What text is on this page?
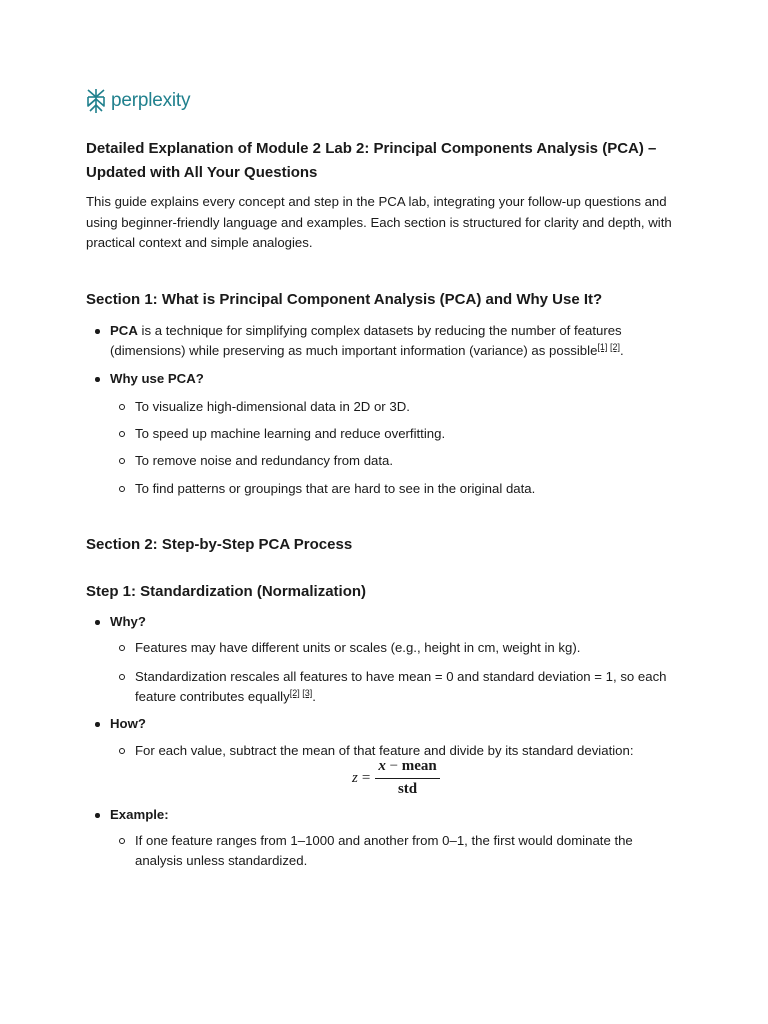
perplexity
Detailed Explanation of Module 2 Lab 2: Principal Components Analysis (PCA) – Updated with All Your Questions

This guide explains every concept and step in the PCA lab, integrating your follow-up questions and using beginner-friendly language and examples. Each section is structured for clarity and depth, with practical context and simple analogies.

Section 1: What is Principal Component Analysis (PCA) and Why Use It?
PCA is a technique for simplifying complex datasets by reducing the number of features (dimensions) while preserving as much important information (variance) as possible[1] [2].
Why use PCA?
To visualize high-dimensional data in 2D or 3D.
To speed up machine learning and reduce overfitting.
To remove noise and redundancy from data.
To find patterns or groupings that are hard to see in the original data.
Section 2: Step-by-Step PCA Process
Step 1: Standardization (Normalization)
Why?
Features may have different units or scales (e.g., height in cm, weight in kg).
Standardization rescales all features to have mean = 0 and standard deviation = 1, so each feature contributes equally[2] [3].
How?
For each value, subtract the mean of that feature and divide by its standard deviation:
$z = \frac{\text{x − mean}}{\text{std}}$
Example:
If one feature ranges from 1–1000 and another from 0–1, the first would dominate the analysis unless standardized.
